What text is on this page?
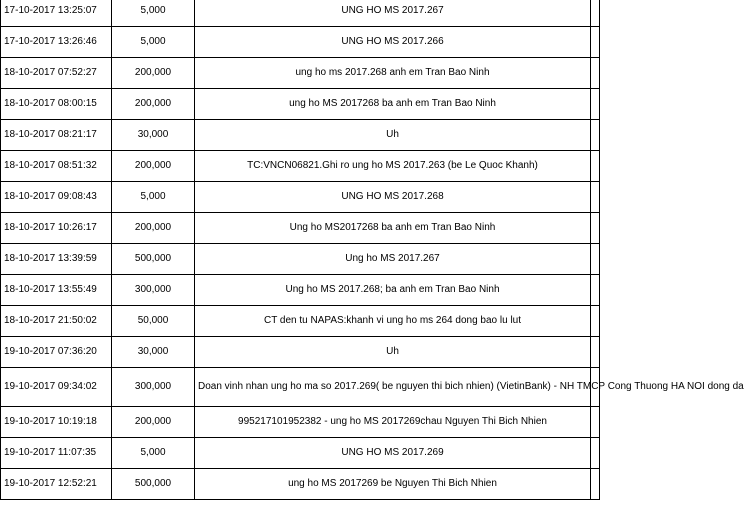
17-10-2017 13:25:07	5,000	UNG HO MS 2017.267	
17-10-2017 13:26:46	5,000	UNG HO MS 2017.266	
18-10-2017 07:52:27	200,000	ung ho ms 2017.268 anh em Tran Bao Ninh	
18-10-2017 08:00:15	200,000	ung ho MS 2017268 ba anh em Tran Bao Ninh	
18-10-2017 08:21:17	30,000	Uh	
18-10-2017 08:51:32	200,000	TC:VNCN06821.Ghi ro ung ho MS 2017.263 (be Le Quoc Khanh)	
18-10-2017 09:08:43	5,000	UNG HO MS 2017.268	
18-10-2017 10:26:17	200,000	Ung ho MS2017268 ba anh em Tran Bao Ninh	
18-10-2017 13:39:59	500,000	Ung ho MS 2017.267	
18-10-2017 13:55:49	300,000	Ung ho MS 2017.268; ba anh em Tran Bao Ninh	
18-10-2017 21:50:02	50,000	CT den tu NAPAS:khanh vi ung ho ms 264 dong bao lu lut	
19-10-2017 07:36:20	30,000	Uh	
19-10-2017 09:34:02	300,000	Doan vinh nhan ung ho ma so 2017.269( be nguyen thi bich nhien) (VietinBank) - NH TMCP Cong Thuong HA NOI dong da	
19-10-2017 10:19:18	200,000	995217101952382 - ung ho MS 2017269chau Nguyen Thi Bich Nhien	
19-10-2017 11:07:35	5,000	UNG HO MS 2017.269	
19-10-2017 12:52:21	500,000	ung ho MS 2017269 be Nguyen Thi Bich Nhien	
